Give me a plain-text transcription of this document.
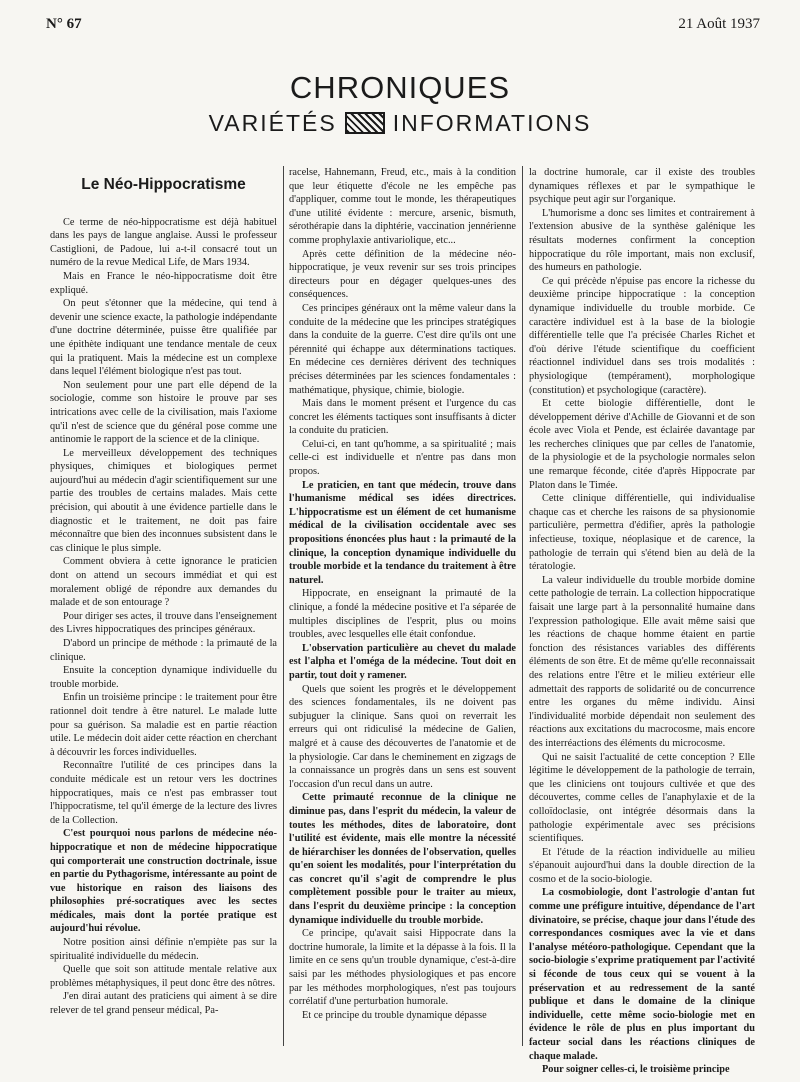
N° 67	21 Août 1937
CHRONIQUES
VARIÉTÉS INFORMATIONS
Le Néo-Hippocratisme

Ce terme de néo-hippocratisme est déjà habituel dans les pays de langue anglaise. Aussi le professeur Castiglioni, de Padoue, lui a-t-il consacré tout un numéro de la revue Medical Life, de Mars 1934.

Mais en France le néo-hippocratisme doit être expliqué.

On peut s'étonner que la médecine, qui tend à devenir une science exacte, la pathologie indépendante d'une doctrine déterminée, puisse être qualifiée par une épithète indiquant une tendance mentale de ceux qui la pratiquent. Mais la médecine est un complexe dans lequel l'élément biologique n'est pas tout.

Non seulement pour une part elle dépend de la sociologie, comme son histoire le prouve par ses intrications avec celle de la civilisation, mais l'axiome qu'il n'est de science que du général pose comme une antinomie le rapport de la science et de la clinique.

Le merveilleux développement des techniques physiques, chimiques et biologiques permet aujourd'hui au médecin d'agir scientifiquement sur une partie des troubles de certains malades. Mais cette précision, qui aboutit à une évidence partielle dans le diagnostic et le traitement, ne doit pas faire méconnaître que bien des inconnues subsistent dans le cas clinique le plus simple.

Comment obviera à cette ignorance le praticien dont on attend un secours immédiat et qui est moralement obligé de répondre aux demandes du malade et de son entourage ?

Pour diriger ses actes, il trouve dans l'enseignement des Livres hippocratiques des principes généraux.

D'abord un principe de méthode : la primauté de la clinique.

Ensuite la conception dynamique individuelle du trouble morbide.

Enfin un troisième principe : le traitement pour être rationnel doit tendre à être naturel. Le malade lutte pour sa guérison. Sa maladie est en partie réaction utile. Le médecin doit aider cette réaction en cherchant à découvrir les forces individuelles.

Reconnaître l'utilité de ces principes dans la conduite médicale est un retour vers les doctrines hippocratiques, mais ce n'est pas embrasser tout l'hippocratisme, tel qu'il émerge de la lecture des livres de la Collection.

C'est pourquoi nous parlons de médecine néo-hippocratique et non de médecine hippocratique qui comporterait une construction doctrinale, issue en partie du Pythagorisme, intéressante au point de vue historique en raison des liaisons des philosophies pré-socratiques avec les sectes médicales, mais dont la portée pratique est aujourd'hui révolue.

Notre position ainsi définie n'empiète pas sur la spiritualité individuelle du médecin.

Quelle que soit son attitude mentale relative aux problèmes métaphysiques, il peut donc être des nôtres.

J'en dirai autant des praticiens qui aiment à se dire relever de tel grand penseur médical, Pa-

racelse, Hahnemann, Freud, etc., mais à la condition que leur étiquette d'école ne les empêche pas d'appliquer, comme tout le monde, les thérapeutiques d'une utilité évidente : mercure, arsenic, bismuth, sérothérapie dans la diphtérie, vaccination jennérienne comme prophylaxie antivariolique, etc...

Après cette définition de la médecine néo-hippocratique, je veux revenir sur ses trois principes directeurs pour en dégager quelques-unes des conséquences.

Ces principes généraux ont la même valeur dans la conduite de la médecine que les principes stratégiques dans la conduite de la guerre. C'est dire qu'ils ont une pérennité qui échappe aux déterminations tactiques. En médecine ces dernières dérivent des techniques précises déterminées par les sciences fondamentales : mathématique, physique, chimie, biologie.

Mais dans le moment présent et l'urgence du cas concret les éléments tactiques sont insuffisants à dicter la conduite du praticien.

Celui-ci, en tant qu'homme, a sa spiritualité ; mais celle-ci est individuelle et n'entre pas dans mon propos.

Le praticien, en tant que médecin, trouve dans l'humanisme médical ses idées directrices. L'hippocratisme est un élément de cet humanisme médical de la civilisation occidentale avec ses propositions énoncées plus haut : la primauté de la clinique, la conception dynamique individuelle du trouble morbide et la tendance du traitement à être naturel.

Hippocrate, en enseignant la primauté de la clinique, a fondé la médecine positive et l'a séparée de multiples disciplines de l'esprit, plus ou moins troubles, avec lesquelles elle était confondue.

L'observation particulière au chevet du malade est l'alpha et l'oméga de la médecine. Tout doit en partir, tout doit y ramener.

Quels que soient les progrès et le développement des sciences fondamentales, ils ne doivent pas subjuguer la clinique. Sans quoi on reverrait les erreurs qui ont ridiculisé la médecine de Galien, malgré et à cause des découvertes de l'anatomie et de la physiologie. Car dans le cheminement en zigzags de la connaissance un progrès dans un sens est souvent l'occasion d'un recul dans un autre.

Cette primauté reconnue de la clinique ne diminue pas, dans l'esprit du médecin, la valeur de toutes les méthodes, dites de laboratoire, dont l'utilité est évidente, mais elle montre la nécessité de hiérarchiser les données de l'observation, quelles qu'en soient les modalités, pour l'interprétation du cas concret qu'il s'agit de comprendre le plus complètement possible pour le traiter au mieux, dans l'esprit du deuxième principe : la conception dynamique individuelle du trouble morbide.

Ce principe, qu'avait saisi Hippocrate dans la doctrine humorale, la limite et la dépasse à la fois. Il la limite en ce sens qu'un trouble dynamique, c'est-à-dire saisi par les méthodes physiologiques et pas encore par les méthodes morphologiques, n'est pas toujours corrélatif d'une perturbation humorale.

Et ce principe du trouble dynamique dépasse

la doctrine humorale, car il existe des troubles dynamiques réflexes et par le sympathique le psychique peut agir sur l'organique.

L'humorisme a donc ses limites et contrairement à l'extension abusive de la synthèse galénique les résultats modernes confirment la conception hippocratique du rôle important, mais non exclusif, des humeurs en pathologie.

Ce qui précède n'épuise pas encore la richesse du deuxième principe hippocratique : la conception dynamique individuelle du trouble morbide. Ce caractère individuel est à la base de la biologie différentielle telle que l'a précisée Charles Richet et d'où dérive l'étude scientifique du coefficient réactionnel individuel dans ses trois modalités : physiologique (tempérament), morphologique (constitution) et psychologique (caractère).

Et cette biologie différentielle, dont le développement dérive d'Achille de Giovanni et de son école avec Viola et Pende, est éclairée davantage par les recherches cliniques que par celles de l'anatomie, de la physiologie et de la psychologie normales selon une remarque féconde, citée d'après Hippocrate par Platon dans le Timée.

Cette clinique différentielle, qui individualise chaque cas et cherche les raisons de sa physionomie particulière, permettra d'édifier, après la pathologie infectieuse, toxique, néoplasique et de carence, la pathologie de terrain qui s'étend bien au delà de la tératologie.

La valeur individuelle du trouble morbide domine cette pathologie de terrain. La collection hippocratique faisait une large part à la personnalité humaine dans l'expression pathologique. Elle avait même saisi que les réactions de chaque homme étaient en partie fonction des résistances variables des différents éléments de son être. Et de même qu'elle reconnaissait des relations entre l'être et le milieu extérieur elle admettait des rapports de solidarité ou de concurrence entre les organes du même individu. Ainsi l'individualité morbide dépendait non seulement des réactions aux excitations du macrocosme, mais encore des interréactions des éléments du microcosme.

Qui ne saisit l'actualité de cette conception ? Elle légitime le développement de la pathologie de terrain, que les cliniciens ont toujours cultivée et que des découvertes, comme celles de l'anaphylaxie et de la colloïdoclasie, ont intégrée désormais dans la pathologie expérimentale avec ses précisions scientifiques.

Et l'étude de la réaction individuelle au milieu s'épanouit aujourd'hui dans la double direction de la cosmo et de la socio-biologie.

La cosmobiologie, dont l'astrologie d'antan fut comme une préfigure intuitive, dépendance de l'art divinatoire, se précise, chaque jour dans l'étude des correspondances cosmiques avec la vie et dans l'analyse météoro-pathologique. Cependant que la socio-biologie s'exprime pratiquement par l'activité si féconde de tous ceux qui se vouent à la préservation et au redressement de la santé publique et dans le domaine de la clinique individuelle, cette même socio-biologie met en évidence le rôle de plus en plus important du facteur social dans les réactions cliniques de chaque malade.

Pour soigner celles-ci, le troisième principe
